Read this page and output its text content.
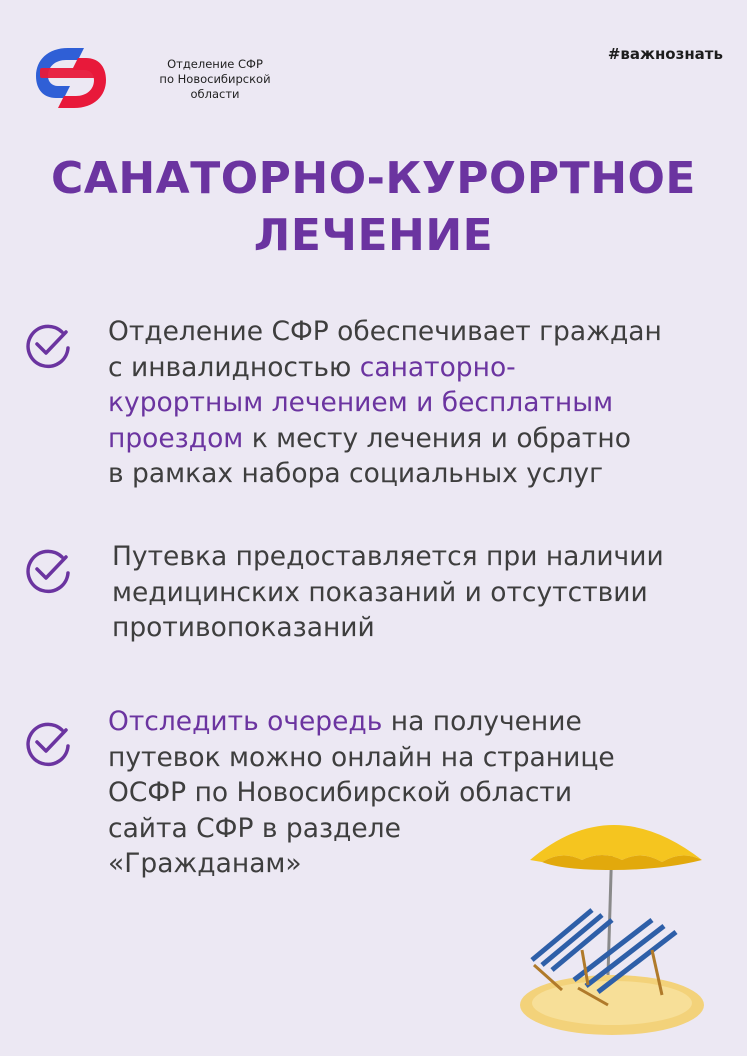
Отделение СФР
по Новосибирской
области
#важнознать
САНАТОРНО-КУРОРТНОЕ
ЛЕЧЕНИЕ
Отделение СФР обеспечивает граждан
с инвалидностью санаторно-
курортным лечением и бесплатным
проездом к месту лечения и обратно
в рамках набора социальных услуг
Путевка предоставляется при наличии
медицинских показаний и отсутствии
противопоказаний
Отследить очередь на получение
путевок можно онлайн на странице
ОСФР по Новосибирской области
сайта СФР в разделе
«Гражданам»
